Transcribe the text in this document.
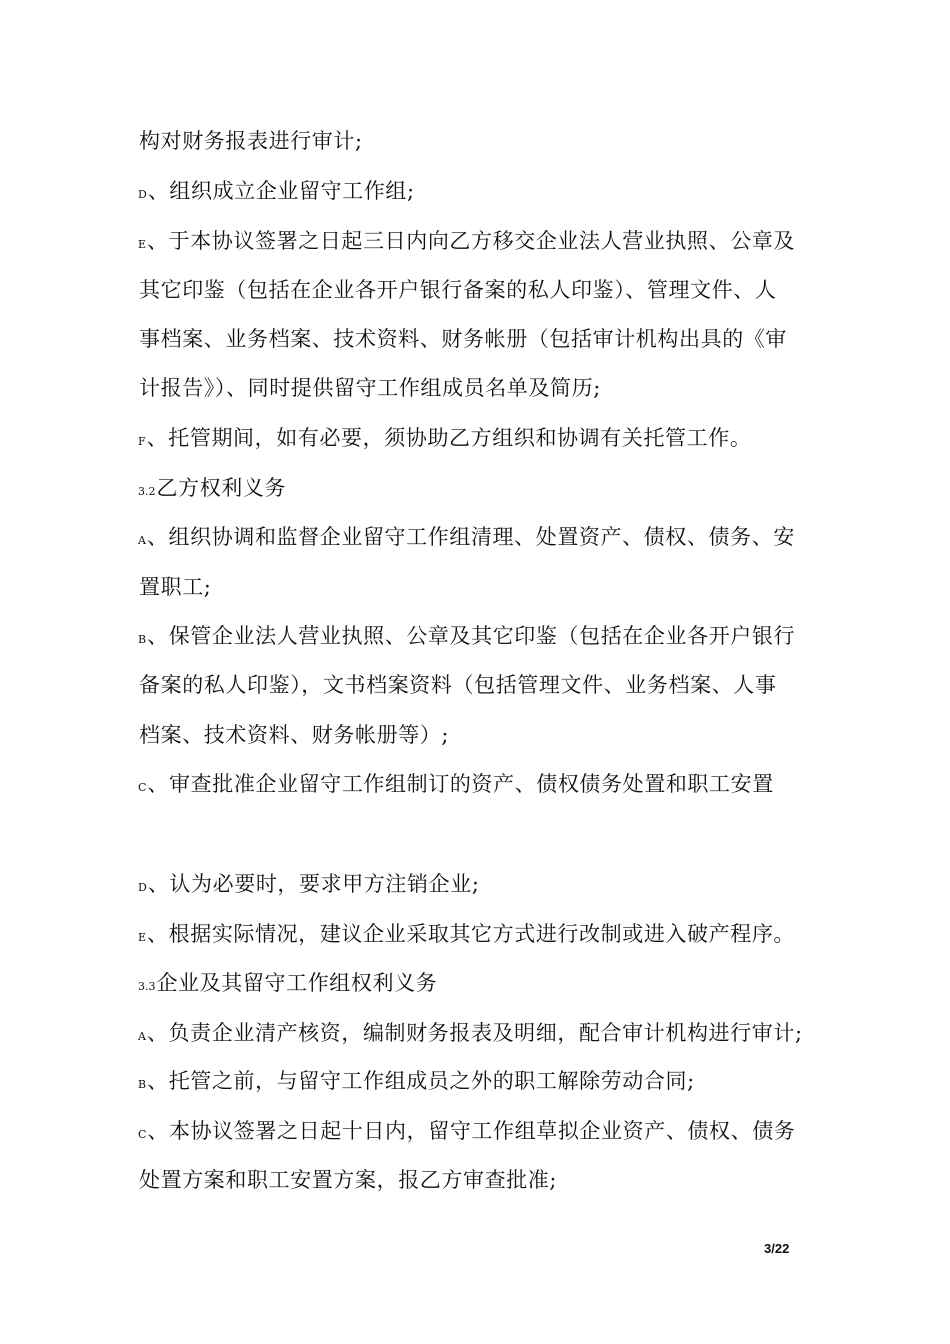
构对财务报表进行审计;
D、组织成立企业留守工作组;
E、于本协议签署之日起三日内向乙方移交企业法人营业执照、公章及
其它印鉴（包括在企业各开户银行备案的私人印鉴）、管理文件、人
事档案、业务档案、技术资料、财务帐册（包括审计机构出具的《审
计报告》）、同时提供留守工作组成员名单及简历;
F、托管期间，如有必要，须协助乙方组织和协调有关托管工作。
3.2乙方权利义务
A、组织协调和监督企业留守工作组清理、处置资产、债权、债务、安
置职工;
B、保管企业法人营业执照、公章及其它印鉴（包括在企业各开户银行
备案的私人印鉴），文书档案资料（包括管理文件、业务档案、人事
档案、技术资料、财务帐册等）;
C、审查批准企业留守工作组制订的资产、债权债务处置和职工安置
D、认为必要时，要求甲方注销企业;
E、根据实际情况，建议企业采取其它方式进行改制或进入破产程序。
3.3企业及其留守工作组权利义务
A、负责企业清产核资，编制财务报表及明细，配合审计机构进行审计;
B、托管之前，与留守工作组成员之外的职工解除劳动合同;
C、本协议签署之日起十日内，留守工作组草拟企业资产、债权、债务
处置方案和职工安置方案，报乙方审查批准;
3/22
